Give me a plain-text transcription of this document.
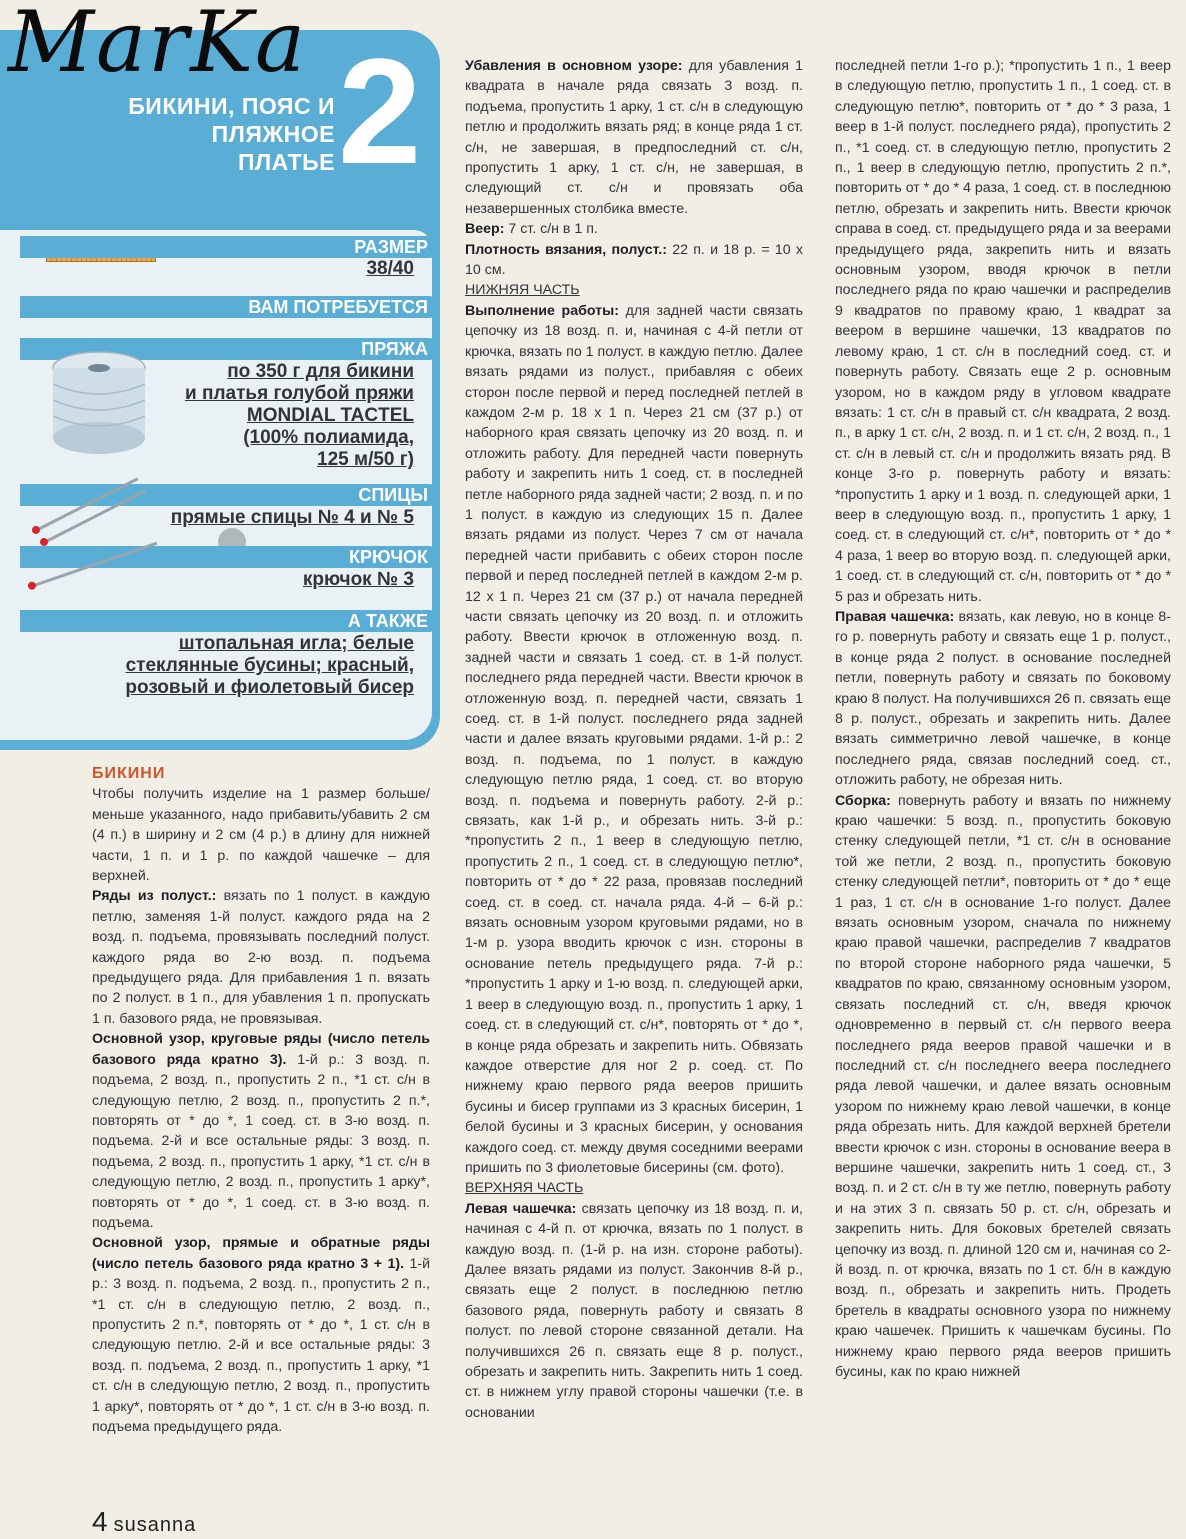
MarKa
БИКИНИ, ПОЯС И ПЛЯЖНОЕ ПЛАТЬЕ 2
РАЗМЕР
38/40
ВАМ ПОТРЕБУЕТСЯ
ПРЯЖА
по 350 г для бикини
и платья голубой пряжи
MONDIAL TACTEL
(100% полиамида,
125 м/50 г)
СПИЦЫ
прямые спицы № 4 и № 5
КРЮЧОК
крючок № 3
А ТАКЖЕ
штопальная игла; белые
стеклянные бусины; красный,
розовый и фиолетовый бисер

БИКИНИ

Чтобы получить изделие на 1 размер больше/меньше указанного, надо прибавить/убавить 2 см (4 п.) в ширину и 2 см (4 р.) в длину для нижней части, 1 п. и 1 р. по каждой чашечке – для верхней.

Ряды из полуст.: вязать по 1 полуст. в каждую петлю, заменяя 1-й полуст. каждого ряда на 2 возд. п. подъема, провязывать последний полуст. каждого ряда во 2-ю возд. п. подъема предыдущего ряда. Для прибавления 1 п. вязать по 2 полуст. в 1 п., для убавления 1 п. пропускать 1 п. базового ряда, не провязывая.

Основной узор, круговые ряды (число петель базового ряда кратно 3). 1-й р.: 3 возд. п. подъема, 2 возд. п., пропустить 2 п., *1 ст. с/н в следующую петлю, 2 возд. п., пропустить 2 п.*, повторять от * до *, 1 соед. ст. в 3-ю возд. п. подъема. 2-й и все остальные ряды: 3 возд. п. подъема, 2 возд. п., пропустить 1 арку, *1 ст. с/н в следующую петлю, 2 возд. п., пропустить 1 арку*, повторять от * до *, 1 соед. ст. в 3-ю возд. п. подъема.

Основной узор, прямые и обратные ряды (число петель базового ряда кратно 3 + 1). 1-й р.: 3 возд. п. подъема, 2 возд. п., пропустить 2 п., *1 ст. с/н в следующую петлю, 2 возд. п., пропустить 2 п.*, повторять от * до *, 1 ст. с/н в следующую петлю. 2-й и все остальные ряды: 3 возд. п. подъема, 2 возд. п., пропустить 1 арку, *1 ст. с/н в следующую петлю, 2 возд. п., пропустить 1 арку*, повторять от * до *, 1 ст. с/н в 3-ю возд. п. подъема предыдущего ряда.

Убавления в основном узоре: для убавления 1 квадрата в начале ряда связать 3 возд. п. подъема, пропустить 1 арку, 1 ст. с/н в следующую петлю и продолжить вязать ряд; в конце ряда 1 ст. с/н, не завершая, в предпоследний ст. с/н, пропустить 1 арку, 1 ст. с/н, не завершая, в следующий ст. с/н и провязать оба незавершенных столбика вместе.

Веер: 7 ст. с/н в 1 п.

Плотность вязания, полуст.: 22 п. и 18 р. = 10 х 10 см.

НИЖНЯЯ ЧАСТЬ

Выполнение работы: для задней части связать цепочку из 18 возд. п. и, начиная с 4-й петли от крючка, вязать по 1 полуст. в каждую петлю. Далее вязать рядами из полуст., прибавляя с обеих сторон после первой и перед последней петлей в каждом 2-м р. 18 х 1 п. Через 21 см (37 р.) от наборного края связать цепочку из 20 возд. п. и отложить работу. Для передней части повернуть работу и закрепить нить 1 соед. ст. в последней петле наборного ряда задней части; 2 возд. п. и по 1 полуст. в каждую из следующих 15 п. Далее вязать рядами из полуст. Через 7 см от начала передней части прибавить с обеих сторон после первой и перед последней петлей в каждом 2-м р. 12 х 1 п. Через 21 см (37 р.) от начала передней части связать цепочку из 20 возд. п. и отложить работу. Ввести крючок в отложенную возд. п. задней части и связать 1 соед. ст. в 1-й полуст. последнего ряда передней части. Ввести крючок в отложенную возд. п. передней части, связать 1 соед. ст. в 1-й полуст. последнего ряда задней части и далее вязать круговыми рядами. 1-й р.: 2 возд. п. подъема, по 1 полуст. в каждую следующую петлю ряда, 1 соед. ст. во вторую возд. п. подъема и повернуть работу. 2-й р.: связать, как 1-й р., и обрезать нить. 3-й р.: *пропустить 2 п., 1 веер в следующую петлю, пропустить 2 п., 1 соед. ст. в следующую петлю*, повторить от * до * 22 раза, провязав последний соед. ст. в соед. ст. начала ряда. 4-й – 6-й р.: вязать основным узором круговыми рядами, но в 1-м р. узора вводить крючок с изн. стороны в основание петель предыдущего ряда. 7-й р.: *пропустить 1 арку и 1-ю возд. п. следующей арки, 1 веер в следующую возд. п., пропустить 1 арку, 1 соед. ст. в следующий ст. с/н*, повторять от * до *, в конце ряда обрезать и закрепить нить. Обвязать каждое отверстие для ног 2 р. соед. ст. По нижнему краю первого ряда вееров пришить бусины и бисер группами из 3 красных бисерин, 1 белой бусины и 3 красных бисерин, у основания каждого соед. ст. между двумя соседними веерами пришить по 3 фиолетовые бисерины (см. фото).

ВЕРХНЯЯ ЧАСТЬ

Левая чашечка: связать цепочку из 18 возд. п. и, начиная с 4-й п. от крючка, вязать по 1 полуст. в каждую возд. п. (1-й р. на изн. стороне работы). Далее вязать рядами из полуст. Закончив 8-й р., связать еще 2 полуст. в последнюю петлю базового ряда, повернуть работу и связать 8 полуст. по левой стороне связанной детали. На получившихся 26 п. связать еще 8 р. полуст., обрезать и закрепить нить. Закрепить нить 1 соед. ст. в нижнем углу правой стороны чашечки (т.е. в основании

последней петли 1-го р.); *пропустить 1 п., 1 веер в следующую петлю, пропустить 1 п., 1 соед. ст. в следующую петлю*, повторить от * до * 3 раза, 1 веер в 1-й полуст. последнего ряда), пропустить 2 п., *1 соед. ст. в следующую петлю, пропустить 2 п., 1 веер в следующую петлю, пропустить 2 п.*, повторить от * до * 4 раза, 1 соед. ст. в последнюю петлю, обрезать и закрепить нить. Ввести крючок справа в соед. ст. предыдущего ряда и за веерами предыдущего ряда, закрепить нить и вязать основным узором, вводя крючок в петли последнего ряда по краю чашечки и распределив 9 квадратов по правому краю, 1 квадрат за веером в вершине чашечки, 13 квадратов по левому краю, 1 ст. с/н в последний соед. ст. и повернуть работу. Связать еще 2 р. основным узором, но в каждом ряду в угловом квадрате вязать: 1 ст. с/н в правый ст. с/н квадрата, 2 возд. п., в арку 1 ст. с/н, 2 возд. п. и 1 ст. с/н, 2 возд. п., 1 ст. с/н в левый ст. с/н и продолжить вязать ряд. В конце 3-го р. повернуть работу и вязать: *пропустить 1 арку и 1 возд. п. следующей арки, 1 веер в следующую возд. п., пропустить 1 арку, 1 соед. ст. в следующий ст. с/н*, повторить от * до * 4 раза, 1 веер во вторую возд. п. следующей арки, 1 соед. ст. в следующий ст. с/н, повторить от * до * 5 раз и обрезать нить.

Правая чашечка: вязать, как левую, но в конце 8-го р. повернуть работу и связать еще 1 р. полуст., в конце ряда 2 полуст. в основание последней петли, повернуть работу и связать по боковому краю 8 полуст. На получившихся 26 п. связать еще 8 р. полуст., обрезать и закрепить нить. Далее вязать симметрично левой чашечке, в конце последнего ряда, связав последний соед. ст., отложить работу, не обрезая нить.

Сборка: повернуть работу и вязать по нижнему краю чашечки: 5 возд. п., пропустить боковую стенку следующей петли, *1 ст. с/н в основание той же петли, 2 возд. п., пропустить боковую стенку следующей петли*, повторить от * до * еще 1 раз, 1 ст. с/н в основание 1-го полуст. Далее вязать основным узором, сначала по нижнему краю правой чашечки, распределив 7 квадратов по второй стороне наборного ряда чашечки, 5 квадратов по краю, связанному основным узором, связать последний ст. с/н, введя крючок одновременно в первый ст. с/н первого веера последнего ряда вееров правой чашечки и в последний ст. с/н последнего веера последнего ряда левой чашечки, и далее вязать основным узором по нижнему краю левой чашечки, в конце ряда обрезать нить. Для каждой верхней бретели ввести крючок с изн. стороны в основание веера в вершине чашечки, закрепить нить 1 соед. ст., 3 возд. п. и 2 ст. с/н в ту же петлю, повернуть работу и на этих 3 п. связать 50 р. ст. с/н, обрезать и закрепить нить. Для боковых бретелей связать цепочку из возд. п. длиной 120 см и, начиная со 2-й возд. п. от крючка, вязать по 1 ст. б/н в каждую возд. п., обрезать и закрепить нить. Продеть бретель в квадраты основного узора по нижнему краю чашечек. Пришить к чашечкам бусины. По нижнему краю первого ряда вееров пришить бусины, как по краю нижней

4 susanna
